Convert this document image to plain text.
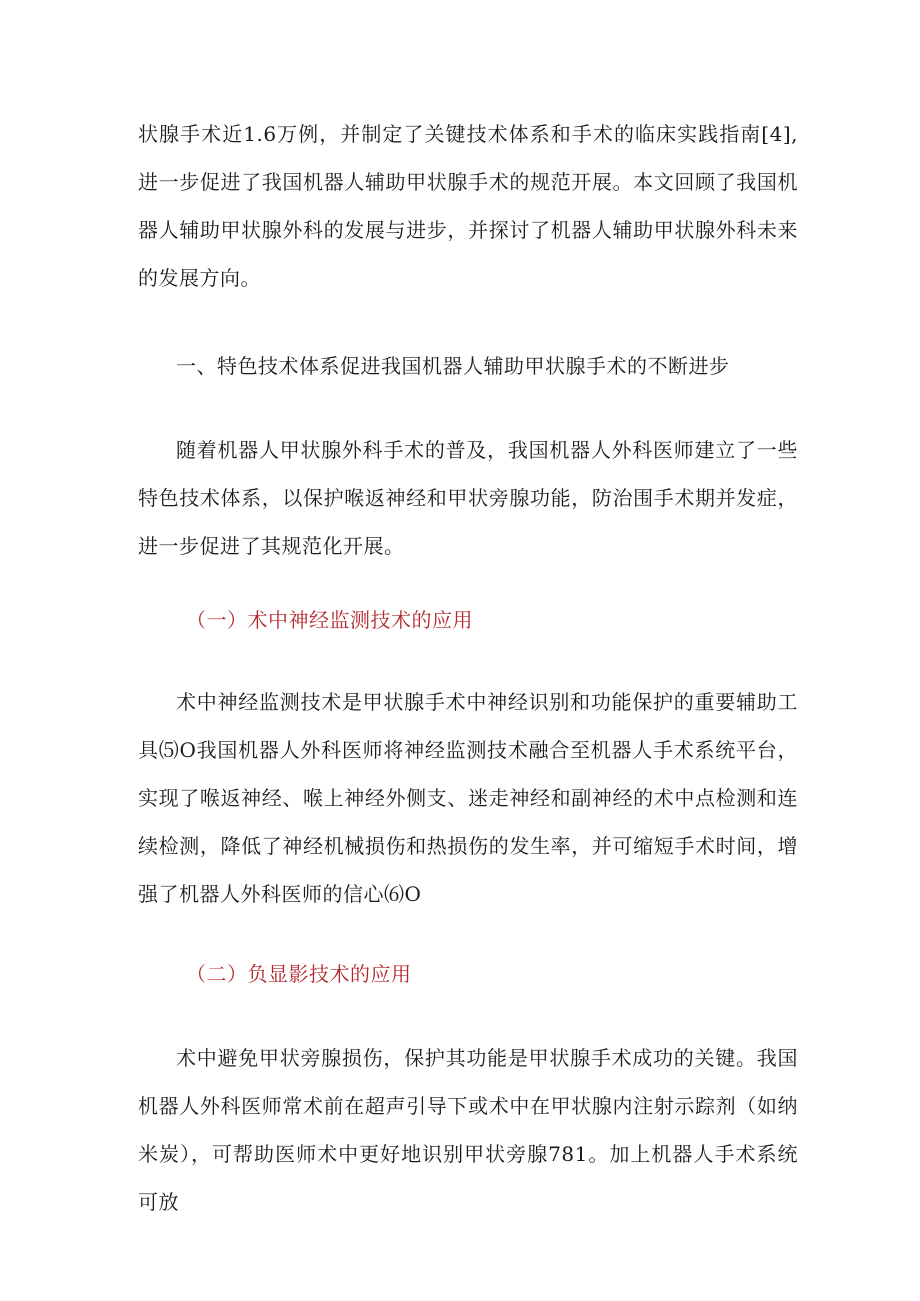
状腺手术近1.6万例，并制定了关键技术体系和手术的临床实践指南[4],进一步促进了我国机器人辅助甲状腺手术的规范开展。本文回顾了我国机器人辅助甲状腺外科的发展与进步，并探讨了机器人辅助甲状腺外科未来的发展方向。

一、特色技术体系促进我国机器人辅助甲状腺手术的不断进步

随着机器人甲状腺外科手术的普及，我国机器人外科医师建立了一些特色技术体系，以保护喉返神经和甲状旁腺功能，防治围手术期并发症，进一步促进了其规范化开展。

（一）术中神经监测技术的应用

术中神经监测技术是甲状腺手术中神经识别和功能保护的重要辅助工具⑸O我国机器人外科医师将神经监测技术融合至机器人手术系统平台，实现了喉返神经、喉上神经外侧支、迷走神经和副神经的术中点检测和连续检测，降低了神经机械损伤和热损伤的发生率，并可缩短手术时间，增强了机器人外科医师的信心⑹O

（二）负显影技术的应用

术中避免甲状旁腺损伤，保护其功能是甲状腺手术成功的关键。我国机器人外科医师常术前在超声引导下或术中在甲状腺内注射示踪剂（如纳米炭），可帮助医师术中更好地识别甲状旁腺781。加上机器人手术系统可放
